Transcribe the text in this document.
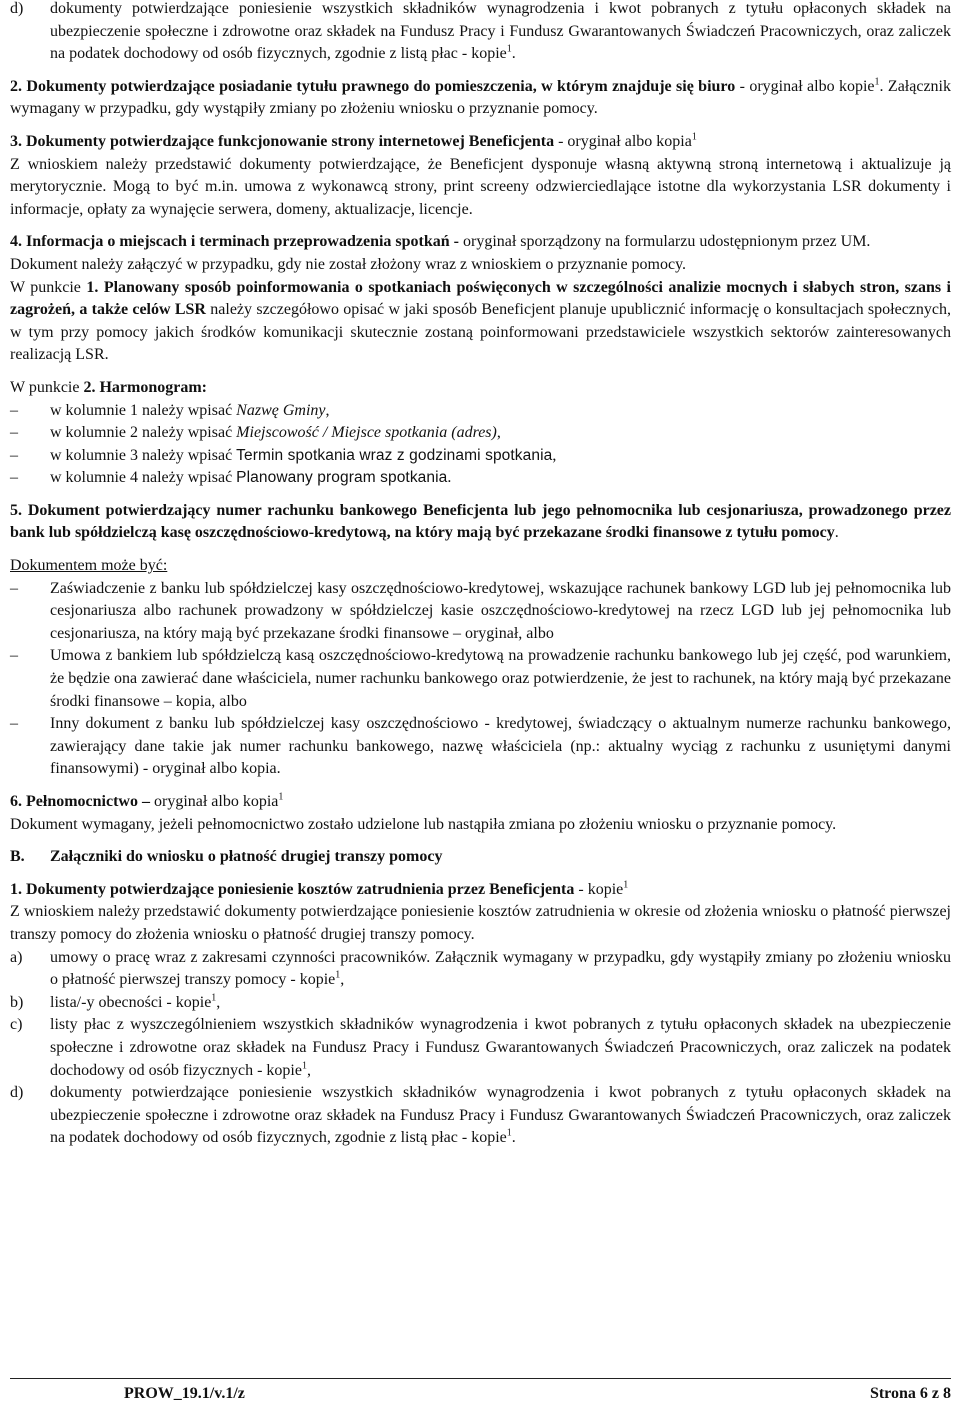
d) dokumenty potwierdzające poniesienie wszystkich składników wynagrodzenia i kwot pobranych z tytułu opłaconych składek na ubezpieczenie społeczne i zdrowotne oraz składek na Fundusz Pracy i Fundusz Gwarantowanych Świadczeń Pracowniczych, oraz zaliczek na podatek dochodowy od osób fizycznych, zgodnie z listą płac - kopie$^1$.

2. Dokumenty potwierdzające posiadanie tytułu prawnego do pomieszczenia, w którym znajduje się biuro - oryginał albo kopie$^1$. Załącznik wymagany w przypadku, gdy wystąpiły zmiany po złożeniu wniosku o przyznanie pomocy.

3. Dokumenty potwierdzające funkcjonowanie strony internetowej Beneficjenta - oryginał albo kopia$^1$

Z wnioskiem należy przedstawić dokumenty potwierdzające, że Beneficjent dysponuje własną aktywną stroną internetową i aktualizuje ją merytorycznie. Mogą to być m.in. umowa z wykonawcą strony, print screeny odzwierciedlające istotne dla wykorzystania LSR dokumenty i informacje, opłaty za wynajęcie serwera, domeny, aktualizacje, licencje.

4. Informacja o miejscach i terminach przeprowadzenia spotkań - oryginał sporządzony na formularzu udostępnionym przez UM.

Dokument należy załączyć w przypadku, gdy nie został złożony wraz z wnioskiem o przyznanie pomocy.

W punkcie 1. Planowany sposób poinformowania o spotkaniach poświęconych w szczególności analizie mocnych i słabych stron, szans i zagrożeń, a także celów LSR należy szczegółowo opisać w jaki sposób Beneficjent planuje upublicznić informację o konsultacjach społecznych, w tym przy pomocy jakich środków komunikacji skutecznie zostaną poinformowani przedstawiciele wszystkich sektorów zainteresowanych realizacją LSR.

W punkcie 2. Harmonogram:

–	w kolumnie 1 należy wpisać Nazwę Gminy,
–	w kolumnie 2 należy wpisać Miejscowość / Miejsce spotkania (adres),
–	w kolumnie 3 należy wpisać Termin spotkania wraz z godzinami spotkania,
–	w kolumnie 4 należy wpisać Planowany program spotkania.

5. Dokument potwierdzający numer rachunku bankowego Beneficjenta lub jego pełnomocnika lub cesjonariusza, prowadzonego przez bank lub spółdzielczą kasę oszczędnościowo-kredytową, na który mają być przekazane środki finansowe z tytułu pomocy.

Dokumentem może być:

–	Zaświadczenie z banku lub spółdzielczej kasy oszczędnościowo-kredytowej, wskazujące rachunek bankowy LGD lub jej pełnomocnika lub cesjonariusza albo rachunek prowadzony w spółdzielczej kasie oszczędnościowo-kredytowej na rzecz LGD lub jej pełnomocnika lub cesjonariusza, na który mają być przekazane środki finansowe – oryginał, albo
–	Umowa z bankiem lub spółdzielczą kasą oszczędnościowo-kredytową na prowadzenie rachunku bankowego lub jej część, pod warunkiem, że będzie ona zawierać dane właściciela, numer rachunku bankowego oraz potwierdzenie, że jest to rachunek, na który mają być przekazane środki finansowe – kopia, albo
–	Inny dokument z banku lub spółdzielczej kasy oszczędnościowo - kredytowej, świadczący o aktualnym numerze rachunku bankowego, zawierający dane takie jak numer rachunku bankowego, nazwę właściciela (np.: aktualny wyciąg z rachunku z usuniętymi danymi finansowymi) - oryginał albo kopia.

6. Pełnomocnictwo – oryginał albo kopia$^1$

Dokument wymagany, jeżeli pełnomocnictwo zostało udzielone lub nastąpiła zmiana po złożeniu wniosku o przyznanie pomocy.

B.	Załączniki do wniosku o płatność drugiej transzy pomocy

1. Dokumenty potwierdzające poniesienie kosztów zatrudnienia przez Beneficjenta - kopie$^1$

Z wnioskiem należy przedstawić dokumenty potwierdzające poniesienie kosztów zatrudnienia w okresie od złożenia wniosku o płatność pierwszej transzy pomocy do złożenia wniosku o płatność drugiej transzy pomocy.

a) umowy o pracę wraz z zakresami czynności pracowników. Załącznik wymagany w przypadku, gdy wystąpiły zmiany po złożeniu wniosku o płatność pierwszej transzy pomocy - kopie$^1$,

b) lista/-y obecności - kopie$^1$,

c) listy płac z wyszczególnieniem wszystkich składników wynagrodzenia i kwot pobranych z tytułu opłaconych składek na ubezpieczenie społeczne i zdrowotne oraz składek na Fundusz Pracy i Fundusz Gwarantowanych Świadczeń Pracowniczych, oraz zaliczek na podatek dochodowy od osób fizycznych - kopie$^1$,

d) dokumenty potwierdzające poniesienie wszystkich składników wynagrodzenia i kwot pobranych z tytułu opłaconych składek na ubezpieczenie społeczne i zdrowotne oraz składek na Fundusz Pracy i Fundusz Gwarantowanych Świadczeń Pracowniczych, oraz zaliczek na podatek dochodowy od osób fizycznych, zgodnie z listą płac - kopie$^1$.

PROW_19.1/v.1/z	Strona 6 z 8
